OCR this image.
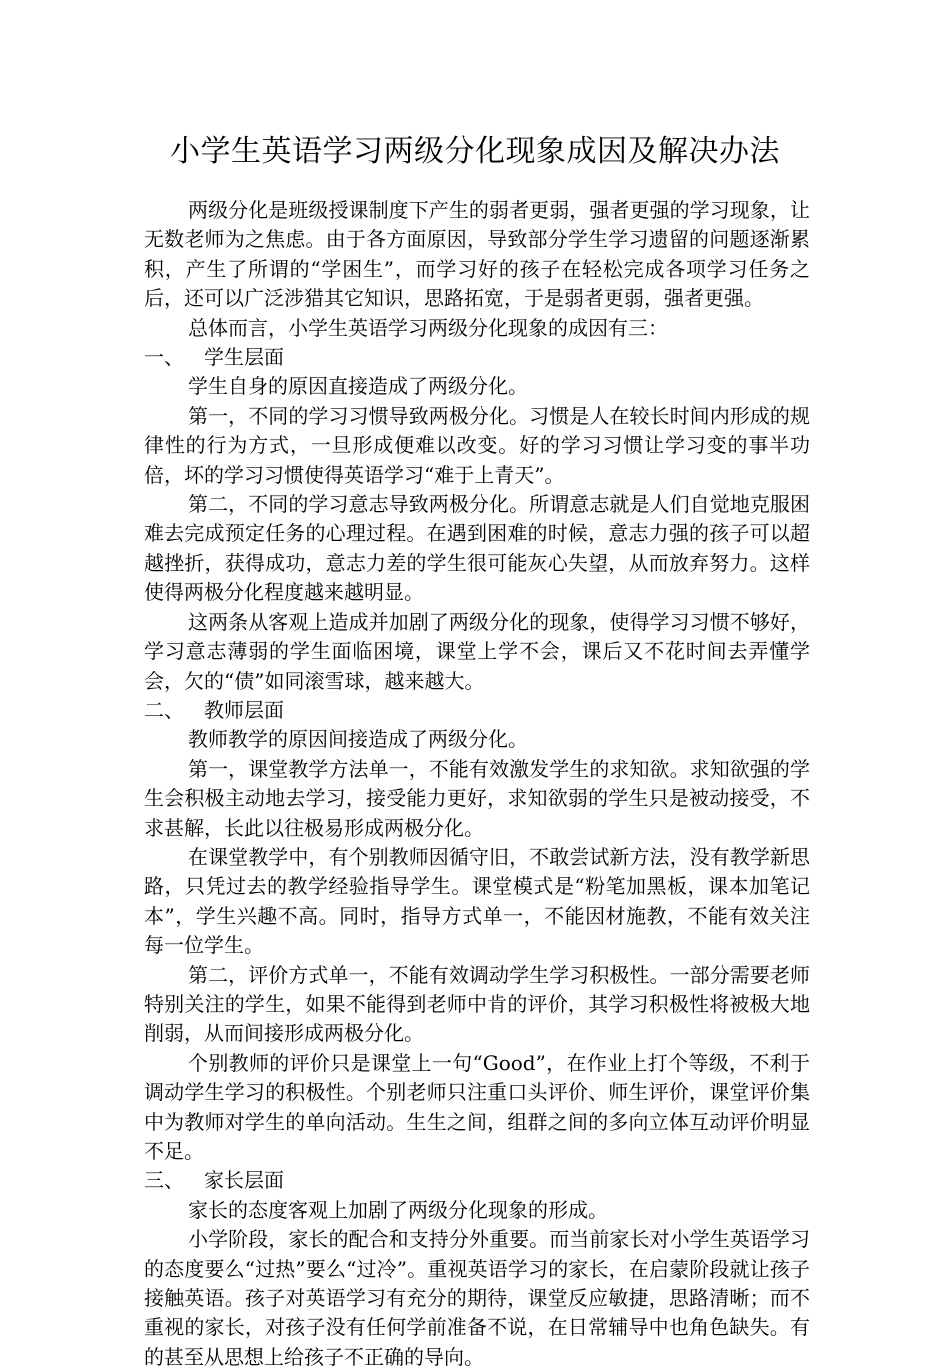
小学生英语学习两级分化现象成因及解决办法
两级分化是班级授课制度下产生的弱者更弱，强者更强的学习现象，让无数老师为之焦虑。由于各方面原因，导致部分学生学习遗留的问题逐渐累积，产生了所谓的“学困生”，而学习好的孩子在轻松完成各项学习任务之后，还可以广泛涉猎其它知识，思路拓宽，于是弱者更弱，强者更强。
总体而言，小学生英语学习两级分化现象的成因有三：
一、 学生层面
学生自身的原因直接造成了两级分化。
第一，不同的学习习惯导致两极分化。习惯是人在较长时间内形成的规律性的行为方式，一旦形成便难以改变。好的学习习惯让学习变的事半功倍，坏的学习习惯使得英语学习“难于上青天”。
第二，不同的学习意志导致两极分化。所谓意志就是人们自觉地克服困难去完成预定任务的心理过程。在遇到困难的时候，意志力强的孩子可以超越挫折，获得成功，意志力差的学生很可能灰心失望，从而放弃努力。这样使得两极分化程度越来越明显。
这两条从客观上造成并加剧了两级分化的现象，使得学习习惯不够好，学习意志薄弱的学生面临困境，课堂上学不会，课后又不花时间去弄懂学会，欠的“债”如同滚雪球，越来越大。
二、 教师层面
教师教学的原因间接造成了两级分化。
第一，课堂教学方法单一，不能有效激发学生的求知欲。求知欲强的学生会积极主动地去学习，接受能力更好，求知欲弱的学生只是被动接受，不求甚解，长此以往极易形成两极分化。
在课堂教学中，有个别教师因循守旧，不敢尝试新方法，没有教学新思路，只凭过去的教学经验指导学生。课堂模式是“粉笔加黑板，课本加笔记本”，学生兴趣不高。同时，指导方式单一，不能因材施教，不能有效关注每一位学生。
第二，评价方式单一，不能有效调动学生学习积极性。一部分需要老师特别关注的学生，如果不能得到老师中肯的评价，其学习积极性将被极大地削弱，从而间接形成两极分化。
个别教师的评价只是课堂上一句“Good”，在作业上打个等级，不利于调动学生学习的积极性。个别老师只注重口头评价、师生评价，课堂评价集中为教师对学生的单向活动。生生之间，组群之间的多向立体互动评价明显不足。
三、 家长层面
家长的态度客观上加剧了两级分化现象的形成。
小学阶段，家长的配合和支持分外重要。而当前家长对小学生英语学习的态度要么“过热”要么“过冷”。重视英语学习的家长，在启蒙阶段就让孩子接触英语。孩子对英语学习有充分的期待，课堂反应敏捷，思路清晰；而不重视的家长，对孩子没有任何学前准备不说，在日常辅导中也角色缺失。有的甚至从思想上给孩子不正确的导向。
